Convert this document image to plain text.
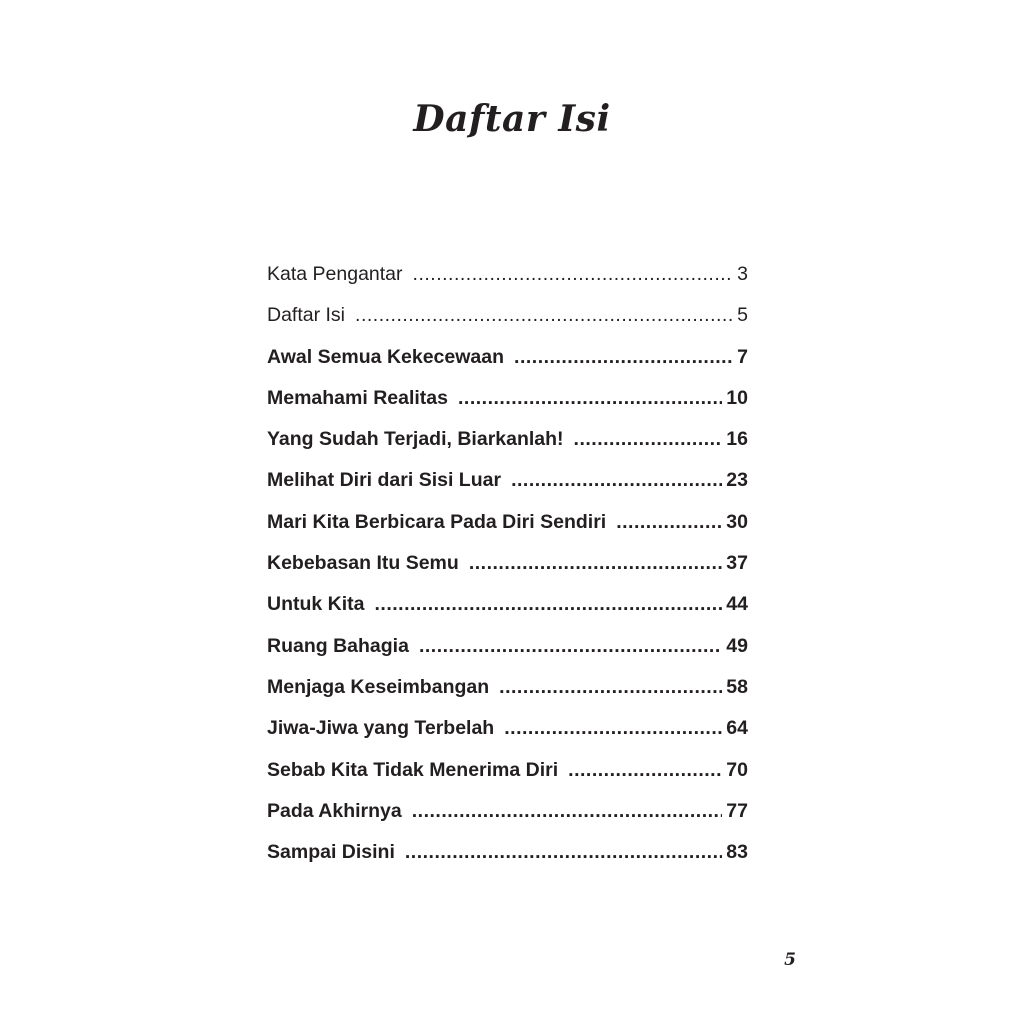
Daftar Isi
Kata Pengantar .....	3
Daftar Isi .....	5
Awal Semua Kekecewaan .....	7
Memahami Realitas .....	10
Yang Sudah Terjadi, Biarkanlah! .....	16
Melihat Diri dari Sisi Luar .....	23
Mari Kita Berbicara Pada Diri Sendiri .....	30
Kebebasan Itu Semu .....	37
Untuk Kita .....	44
Ruang Bahagia .....	49
Menjaga Keseimbangan .....	58
Jiwa-Jiwa yang Terbelah .....	64
Sebab Kita Tidak Menerima Diri .....	70
Pada Akhirnya .....	77
Sampai Disini .....	83
5
